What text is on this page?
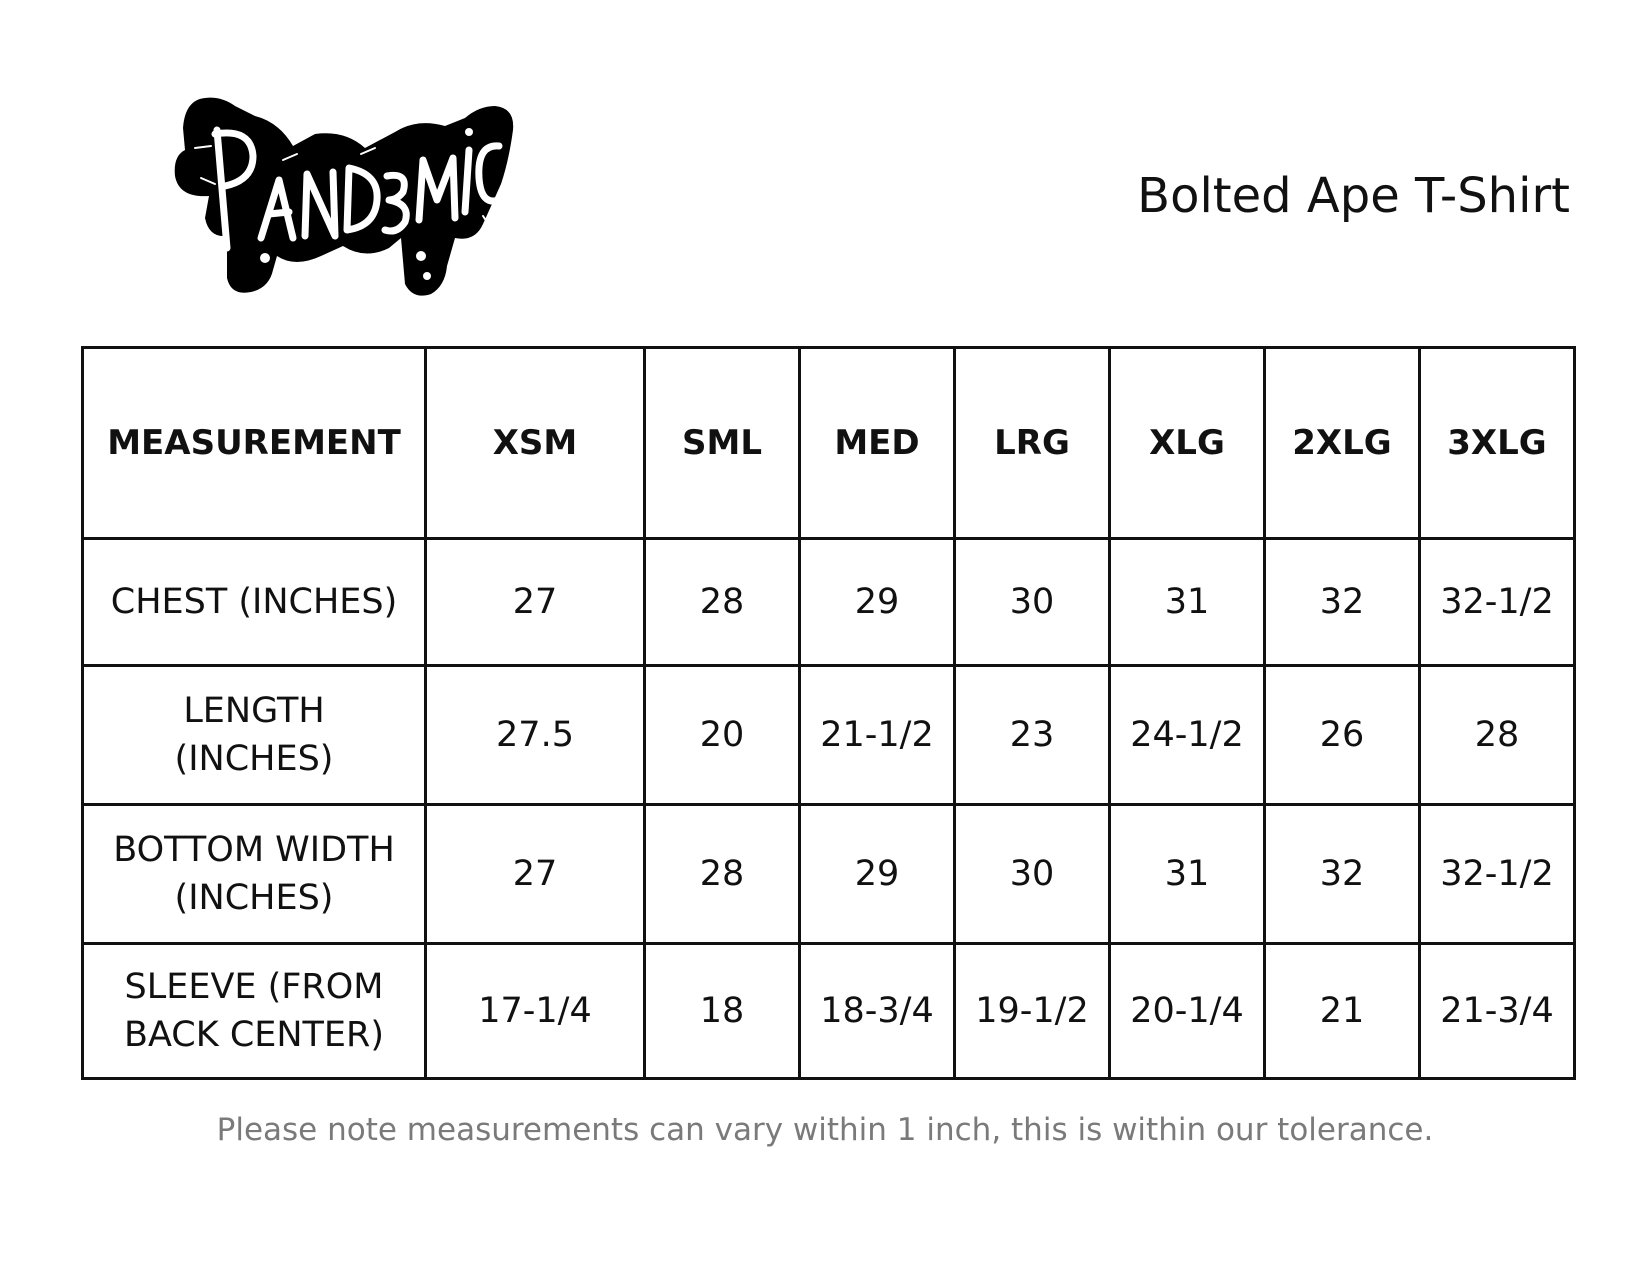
Bolted Ape T-Shirt
MEASUREMENT	XSM	SML	MED	LRG	XLG	2XLG	3XLG
CHEST (INCHES)	27	28	29	30	31	32	32-1/2
LENGTH (INCHES)	27.5	20	21-1/2	23	24-1/2	26	28
BOTTOM WIDTH (INCHES)	27	28	29	30	31	32	32-1/2
SLEEVE (FROM BACK CENTER)	17-1/4	18	18-3/4	19-1/2	20-1/4	21	21-3/4
Please note measurements can vary within 1 inch, this is within our tolerance.
